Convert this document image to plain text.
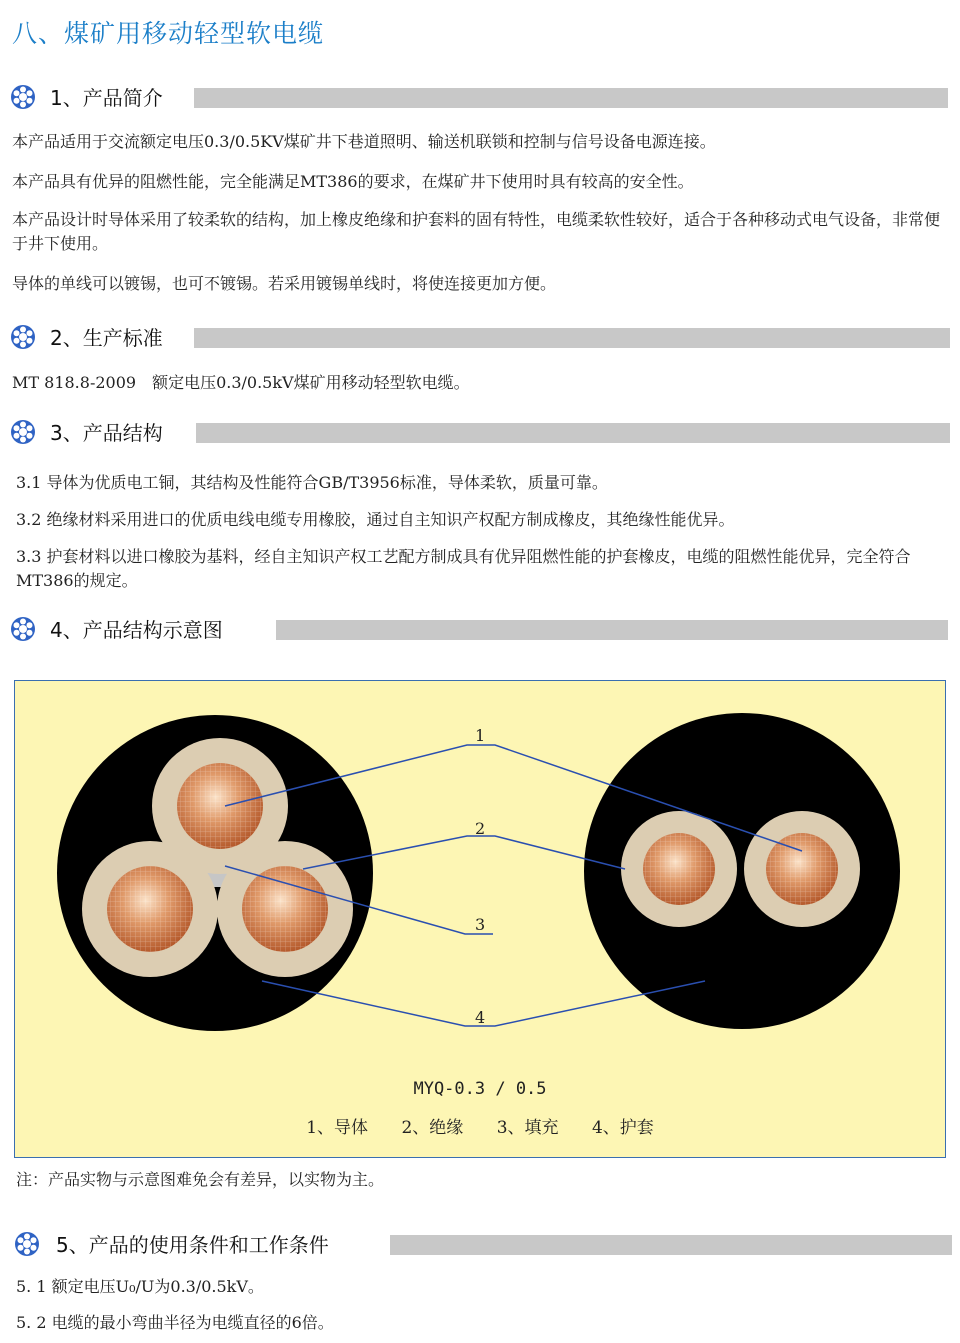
八、煤矿用移动轻型软电缆
1、产品简介
本产品适用于交流额定电压0.3/0.5KV煤矿井下巷道照明、输送机联锁和控制与信号设备电源连接。
本产品具有优异的阻燃性能，完全能满足MT386的要求，在煤矿井下使用时具有较高的安全性。
本产品设计时导体采用了较柔软的结构，加上橡皮绝缘和护套料的固有特性，电缆柔软性较好，适合于各种移动式电气设备，非常便于井下使用。
导体的单线可以镀锡，也可不镀锡。若采用镀锡单线时，将使连接更加方便。
2、生产标准
MT 818.8-2009　额定电压0.3/0.5kV煤矿用移动轻型软电缆。
3、产品结构
3.1 导体为优质电工铜，其结构及性能符合GB/T3956标准，导体柔软，质量可靠。
3.2 绝缘材料采用进口的优质电线电缆专用橡胶，通过自主知识产权配方制成橡皮，其绝缘性能优异。
3.3 护套材料以进口橡胶为基料，经自主知识产权工艺配方制成具有优异阻燃性能的护套橡皮，电缆的阻燃性能优异，完全符合MT386的规定。
4、产品结构示意图
1
2
3
4
MYQ-0.3 / 0.5
1、导体 2、绝缘 3、填充 4、护套
注：产品实物与示意图难免会有差异，以实物为主。
5、产品的使用条件和工作条件
5. 1 额定电压U₀/U为0.3/0.5kV。
5. 2 电缆的最小弯曲半径为电缆直径的6倍。
